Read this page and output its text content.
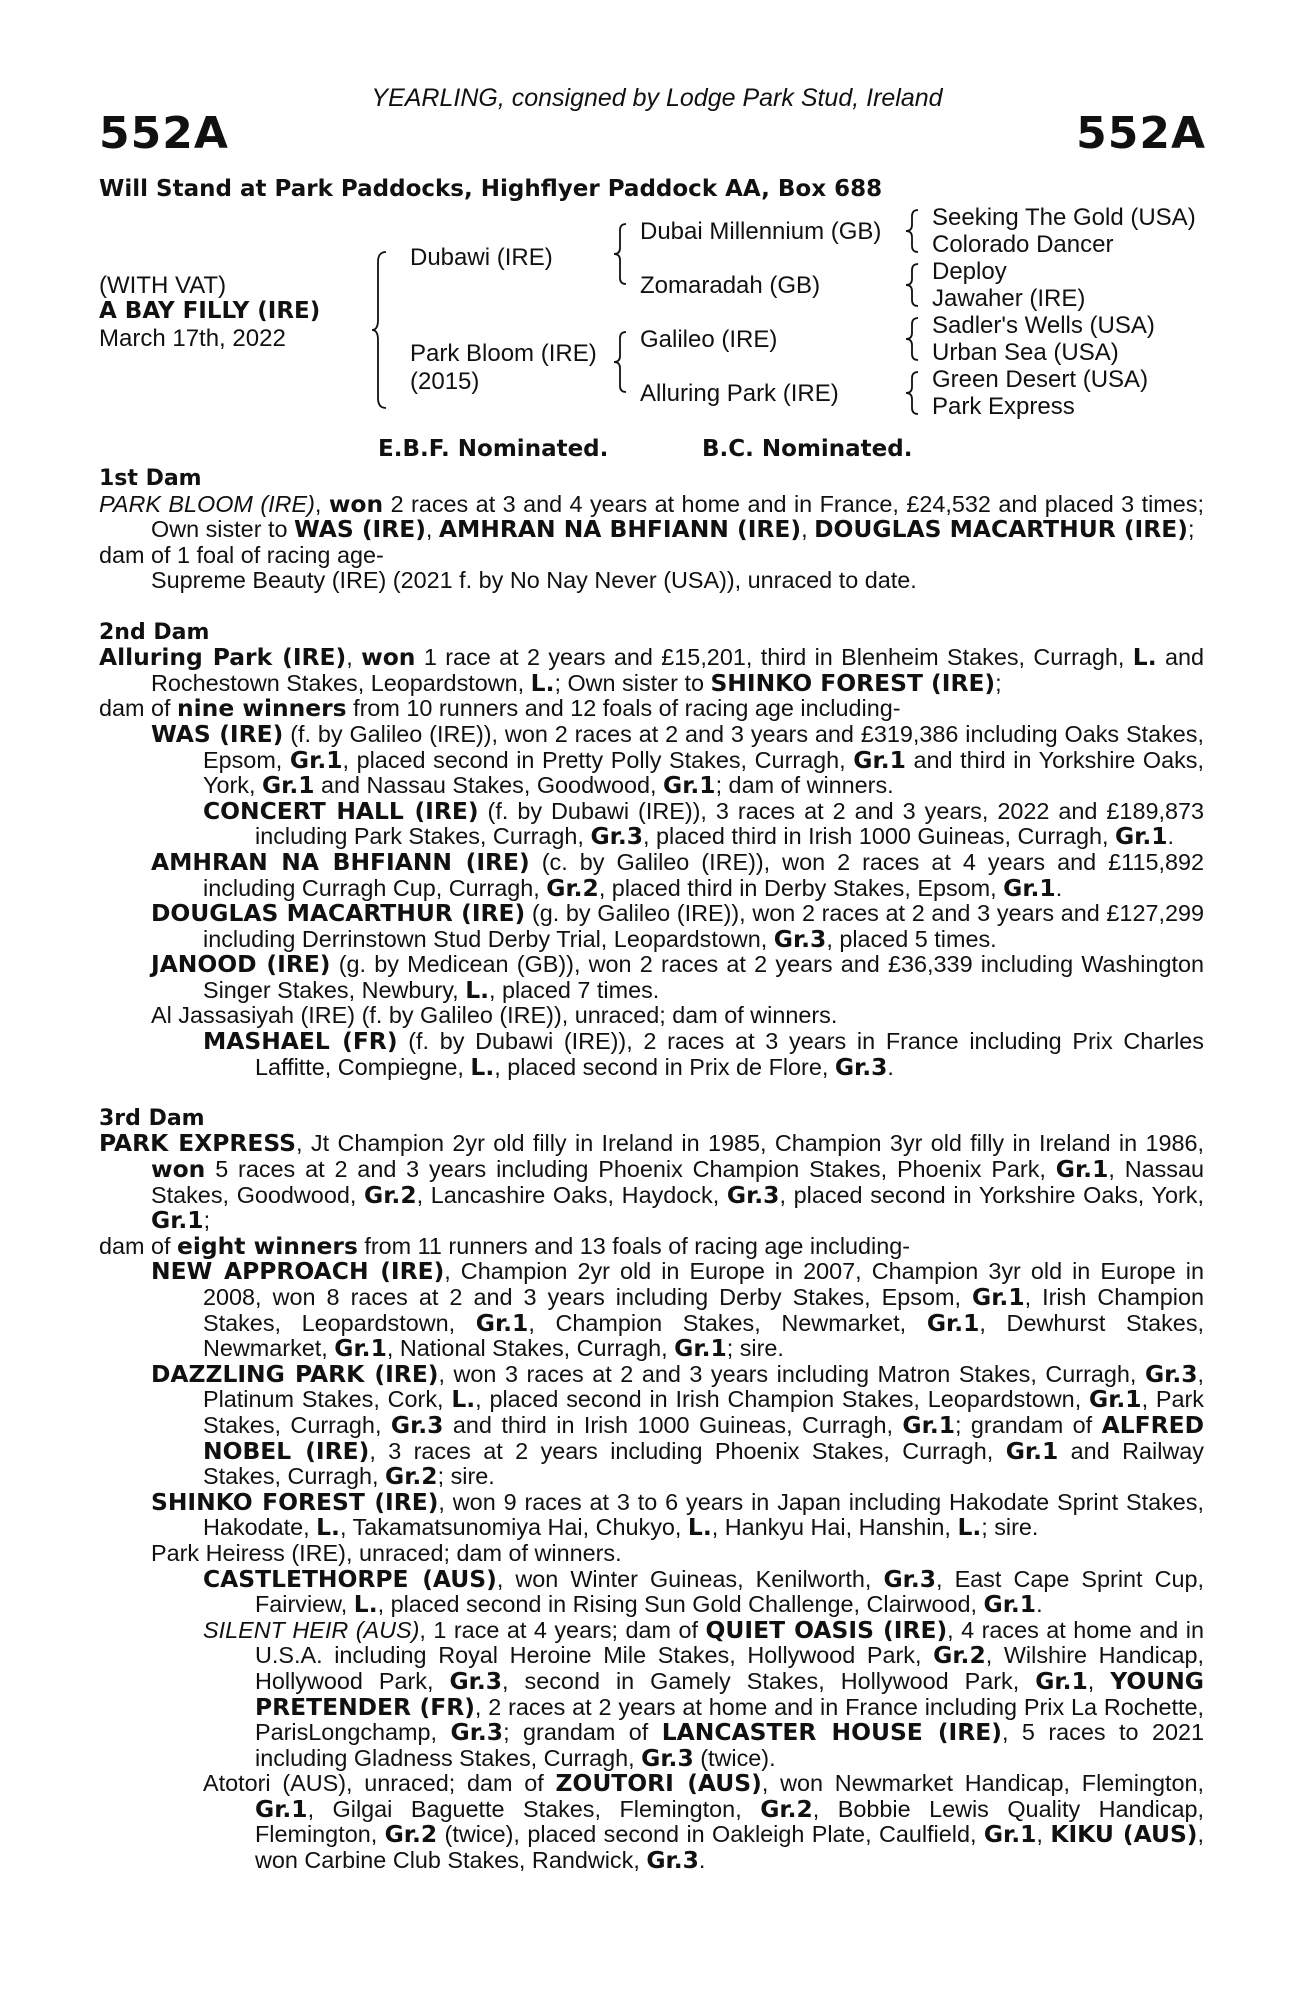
552A	552A
YEARLING, consigned by Lodge Park Stud, Ireland
Will Stand at Park Paddocks, Highflyer Paddock AA, Box 688
(WITH VAT)
A BAY FILLY (IRE)
March 17th, 2022
Dubawi (IRE)
Park Bloom (IRE)
(2015)
Dubai Millennium (GB)
Zomaradah (GB)
Galileo (IRE)
Alluring Park (IRE)
Seeking The Gold (USA)
Colorado Dancer
Deploy
Jawaher (IRE)
Sadler's Wells (USA)
Urban Sea (USA)
Green Desert (USA)
Park Express
E.B.F. Nominated.	B.C. Nominated.
1st Dam
PARK BLOOM (IRE), won 2 races at 3 and 4 years at home and in France, £24,532 and placed 3 times; Own sister to WAS (IRE), AMHRAN NA BHFIANN (IRE), DOUGLAS MACARTHUR (IRE);
dam of 1 foal of racing age-
Supreme Beauty (IRE) (2021 f. by No Nay Never (USA)), unraced to date.
2nd Dam
Alluring Park (IRE), won 1 race at 2 years and £15,201, third in Blenheim Stakes, Curragh, L. and Rochestown Stakes, Leopardstown, L.; Own sister to SHINKO FOREST (IRE);
dam of nine winners from 10 runners and 12 foals of racing age including-
WAS (IRE) (f. by Galileo (IRE)), won 2 races at 2 and 3 years and £319,386 including Oaks Stakes, Epsom, Gr.1, placed second in Pretty Polly Stakes, Curragh, Gr.1 and third in Yorkshire Oaks, York, Gr.1 and Nassau Stakes, Goodwood, Gr.1; dam of winners.
CONCERT HALL (IRE) (f. by Dubawi (IRE)), 3 races at 2 and 3 years, 2022 and £189,873 including Park Stakes, Curragh, Gr.3, placed third in Irish 1000 Guineas, Curragh, Gr.1.
AMHRAN NA BHFIANN (IRE) (c. by Galileo (IRE)), won 2 races at 4 years and £115,892 including Curragh Cup, Curragh, Gr.2, placed third in Derby Stakes, Epsom, Gr.1.
DOUGLAS MACARTHUR (IRE) (g. by Galileo (IRE)), won 2 races at 2 and 3 years and £127,299 including Derrinstown Stud Derby Trial, Leopardstown, Gr.3, placed 5 times.
JANOOD (IRE) (g. by Medicean (GB)), won 2 races at 2 years and £36,339 including Washington Singer Stakes, Newbury, L., placed 7 times.
Al Jassasiyah (IRE) (f. by Galileo (IRE)), unraced; dam of winners.
MASHAEL (FR) (f. by Dubawi (IRE)), 2 races at 3 years in France including Prix Charles Laffitte, Compiegne, L., placed second in Prix de Flore, Gr.3.
3rd Dam
PARK EXPRESS, Jt Champion 2yr old filly in Ireland in 1985, Champion 3yr old filly in Ireland in 1986, won 5 races at 2 and 3 years including Phoenix Champion Stakes, Phoenix Park, Gr.1, Nassau Stakes, Goodwood, Gr.2, Lancashire Oaks, Haydock, Gr.3, placed second in Yorkshire Oaks, York, Gr.1;
dam of eight winners from 11 runners and 13 foals of racing age including-
NEW APPROACH (IRE), Champion 2yr old in Europe in 2007, Champion 3yr old in Europe in 2008, won 8 races at 2 and 3 years including Derby Stakes, Epsom, Gr.1, Irish Champion Stakes, Leopardstown, Gr.1, Champion Stakes, Newmarket, Gr.1, Dewhurst Stakes, Newmarket, Gr.1, National Stakes, Curragh, Gr.1; sire.
DAZZLING PARK (IRE), won 3 races at 2 and 3 years including Matron Stakes, Curragh, Gr.3, Platinum Stakes, Cork, L., placed second in Irish Champion Stakes, Leopardstown, Gr.1, Park Stakes, Curragh, Gr.3 and third in Irish 1000 Guineas, Curragh, Gr.1; grandam of ALFRED NOBEL (IRE), 3 races at 2 years including Phoenix Stakes, Curragh, Gr.1 and Railway Stakes, Curragh, Gr.2; sire.
SHINKO FOREST (IRE), won 9 races at 3 to 6 years in Japan including Hakodate Sprint Stakes, Hakodate, L., Takamatsunomiya Hai, Chukyo, L., Hankyu Hai, Hanshin, L.; sire.
Park Heiress (IRE), unraced; dam of winners.
CASTLETHORPE (AUS), won Winter Guineas, Kenilworth, Gr.3, East Cape Sprint Cup, Fairview, L., placed second in Rising Sun Gold Challenge, Clairwood, Gr.1.
SILENT HEIR (AUS), 1 race at 4 years; dam of QUIET OASIS (IRE), 4 races at home and in U.S.A. including Royal Heroine Mile Stakes, Hollywood Park, Gr.2, Wilshire Handicap, Hollywood Park, Gr.3, second in Gamely Stakes, Hollywood Park, Gr.1, YOUNG PRETENDER (FR), 2 races at 2 years at home and in France including Prix La Rochette, ParisLongchamp, Gr.3; grandam of LANCASTER HOUSE (IRE), 5 races to 2021 including Gladness Stakes, Curragh, Gr.3 (twice).
Atotori (AUS), unraced; dam of ZOUTORI (AUS), won Newmarket Handicap, Flemington, Gr.1, Gilgai Baguette Stakes, Flemington, Gr.2, Bobbie Lewis Quality Handicap, Flemington, Gr.2 (twice), placed second in Oakleigh Plate, Caulfield, Gr.1, KIKU (AUS), won Carbine Club Stakes, Randwick, Gr.3.
